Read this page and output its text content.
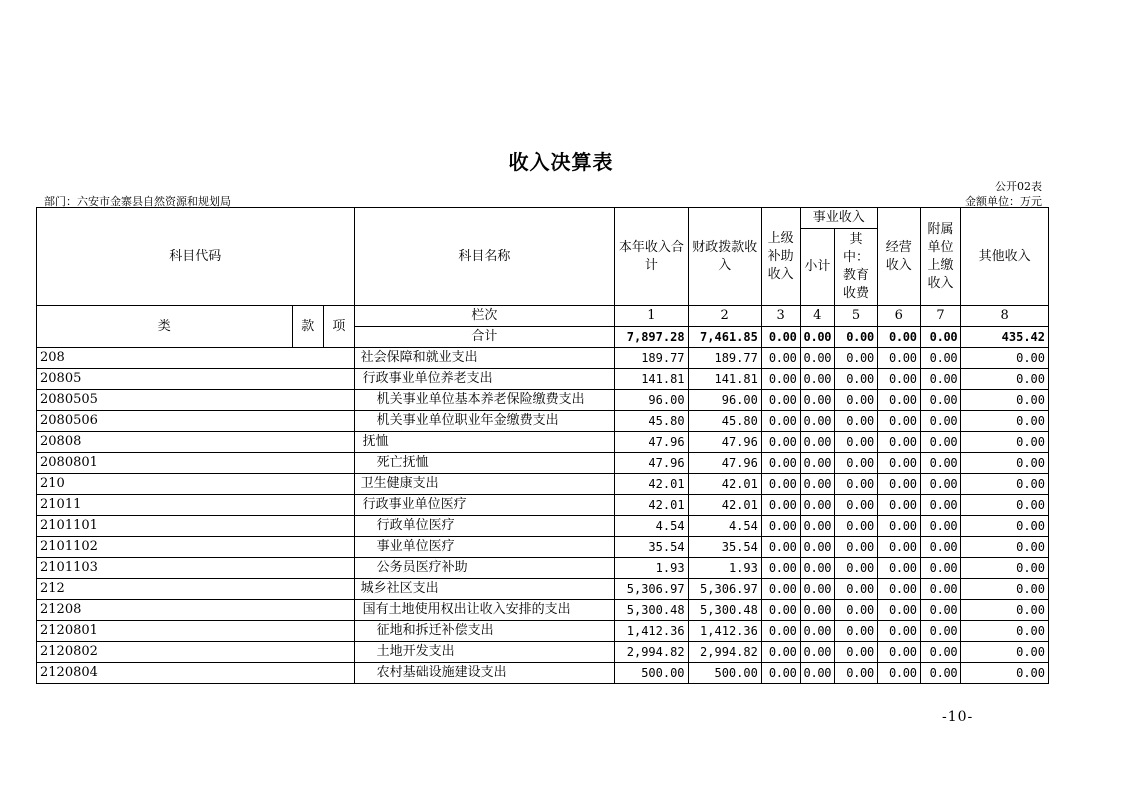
收入决算表
公开02表
部门：六安市金寨县自然资源和规划局	金额单位：万元
科目代码			科目名称	本年收入合计	财政拨款收入	上级补助收入	事业收入		经营收入	附属单位上缴收入	其他收入
							小计	其中：教育收费			
类	款	项	栏次	1	2	3	4	5	6	7	8
			合计	7,897.28	7,461.85	0.00	0.00	0.00	0.00	0.00	435.42
208			社会保障和就业支出	189.77	189.77	0.00	0.00	0.00	0.00	0.00	0.00
20805			行政事业单位养老支出	141.81	141.81	0.00	0.00	0.00	0.00	0.00	0.00
2080505			机关事业单位基本养老保险缴费支出	96.00	96.00	0.00	0.00	0.00	0.00	0.00	0.00
2080506			机关事业单位职业年金缴费支出	45.80	45.80	0.00	0.00	0.00	0.00	0.00	0.00
20808			抚恤	47.96	47.96	0.00	0.00	0.00	0.00	0.00	0.00
2080801			死亡抚恤	47.96	47.96	0.00	0.00	0.00	0.00	0.00	0.00
210			卫生健康支出	42.01	42.01	0.00	0.00	0.00	0.00	0.00	0.00
21011			行政事业单位医疗	42.01	42.01	0.00	0.00	0.00	0.00	0.00	0.00
2101101			行政单位医疗	4.54	4.54	0.00	0.00	0.00	0.00	0.00	0.00
2101102			事业单位医疗	35.54	35.54	0.00	0.00	0.00	0.00	0.00	0.00
2101103			公务员医疗补助	1.93	1.93	0.00	0.00	0.00	0.00	0.00	0.00
212			城乡社区支出	5,306.97	5,306.97	0.00	0.00	0.00	0.00	0.00	0.00
21208			国有土地使用权出让收入安排的支出	5,300.48	5,300.48	0.00	0.00	0.00	0.00	0.00	0.00
2120801			征地和拆迁补偿支出	1,412.36	1,412.36	0.00	0.00	0.00	0.00	0.00	0.00
2120802			土地开发支出	2,994.82	2,994.82	0.00	0.00	0.00	0.00	0.00	0.00
2120804			农村基础设施建设支出	500.00	500.00	0.00	0.00	0.00	0.00	0.00	0.00
-10-
